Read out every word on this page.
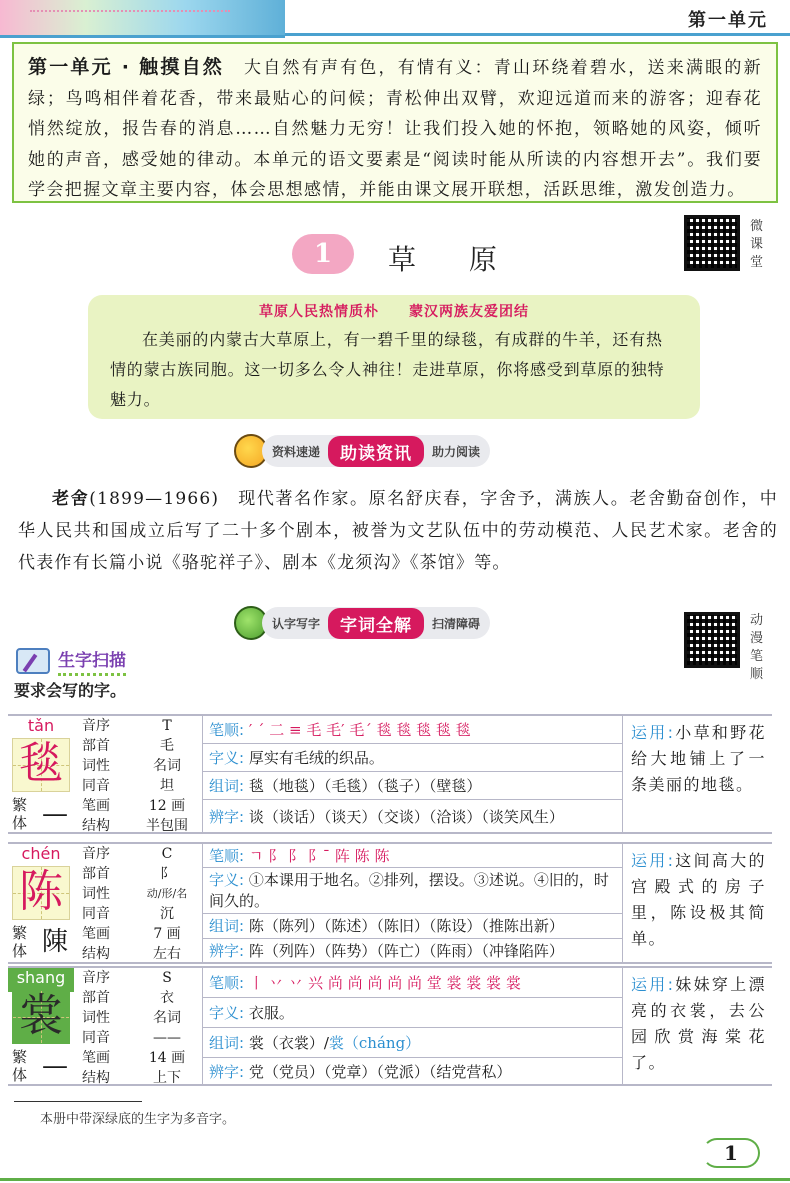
第一单元

第一单元 · 触摸自然 大自然有声有色，有情有义：青山环绕着碧水，送来满眼的新绿；鸟鸣相伴着花香，带来最贴心的问候；青松伸出双臂，欢迎远道而来的游客；迎春花悄然绽放，报告春的消息……自然魅力无穷！让我们投入她的怀抱，领略她的风姿，倾听她的声音，感受她的律动。本单元的语文要素是“阅读时能从所读的内容想开去”。我们要学会把握文章主要内容，体会思想感情，并能由课文展开联想，活跃思维，激发创造力。

微课堂
1	草 原
草原人民热情质朴　　蒙汉两族友爱团结

在美丽的内蒙古大草原上，有一碧千里的绿毯，有成群的牛羊，还有热情的蒙古族同胞。这一切多么令人神往！走进草原，你将感受到草原的独特魅力。

资料速递	助读资讯	助力阅读

老舍(1899—1966)　现代著名作家。原名舒庆春，字舍予，满族人。老舍勤奋创作，中华人民共和国成立后写了二十多个剧本，被誉为文艺队伍中的劳动模范、人民艺术家。老舍的代表作有长篇小说《骆驼祥子》、剧本《龙须沟》《茶馆》等。

认字写字	字词全解	扫清障碍	动漫笔顺
生字扫描
要求会写的字。
tǎn
毯
繁体 —
音序	T
部首	毛
词性	名词
同音	坦
笔画	12 画
结构	半包围
笔顺: ′ ˊ 二 ≡ 毛 毛′ 毛ˊ 毯 毯 毯 毯 毯
字义: 厚实有毛绒的织品。
组词: 毯（地毯）（毛毯）（毯子）（壁毯）
辨字: 谈（谈话）（谈天）（交谈）（洽谈）（谈笑风生）
运用:小草和野花给大地铺上了一条美丽的地毯。
chén
陈
繁体 陳
音序	C
部首	阝
词性	动/形/名
同音	沉
笔画	7 画
结构	左右
笔顺: ㄱ 阝 阝 阝ˉ 阵 陈 陈
字义: ①本课用于地名。②排列，摆设。③述说。④旧的，时间久的。
组词: 陈（陈列）（陈述）（陈旧）（陈设）（推陈出新）
辨字: 阵（列阵）（阵势）（阵亡）（阵雨）（冲锋陷阵）
运用:这间高大的宫殿式的房子里，陈设极其简单。
shang
裳
繁体 —
音序	S
部首	衣
词性	名词
同音	——
笔画	14 画
结构	上下
笔顺: 丨 丷 丷 兴 尚 尚 尚 尚 尚 堂 裳 裳 裳 裳
字义: 衣服。
组词: 裳（衣裳）/裳（cháng）
辨字: 党（党员）（党章）（党派）（结党营私）
运用:妹妹穿上漂亮的衣裳，去公园欣赏海棠花了。
本册中带深绿底的生字为多音字。
1
